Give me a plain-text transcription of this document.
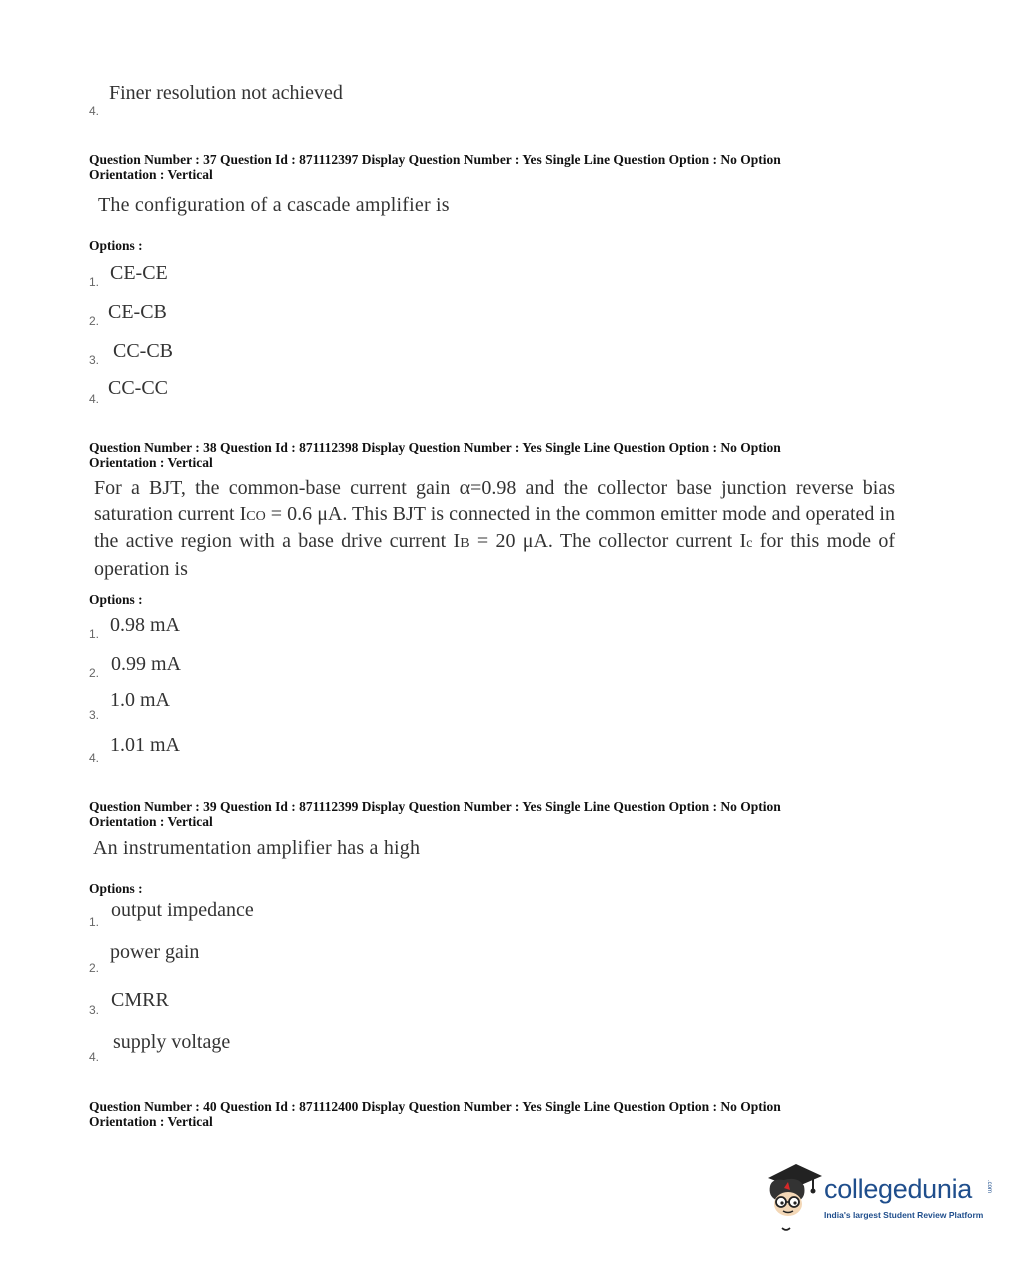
Finer resolution not achieved
4.
Question Number : 37 Question Id : 871112397 Display Question Number : Yes Single Line Question Option : No Option
Orientation : Vertical
The configuration of a cascade amplifier is
Options :
1. CE-CE
2. CE-CB
3. CC-CB
4. CC-CC
Question Number : 38 Question Id : 871112398 Display Question Number : Yes Single Line Question Option : No Option
Orientation : Vertical
For a BJT, the common-base current gain α=0.98 and the collector base junction reverse bias saturation current ICO = 0.6 μA. This BJT is connected in the common emitter mode and operated in the active region with a base drive current IB = 20 μA. The collector current Ic for this mode of operation is
Options :
1. 0.98 mA
2. 0.99 mA
3.
1.0 mA
4.
1.01 mA
Question Number : 39 Question Id : 871112399 Display Question Number : Yes Single Line Question Option : No Option
Orientation : Vertical
An instrumentation amplifier has a high
Options :
1.
output impedance
2.
power gain
3. CMRR
4.
supply voltage
Question Number : 40 Question Id : 871112400 Display Question Number : Yes Single Line Question Option : No Option
Orientation : Vertical
collegedunia .com
India's largest Student Review Platform
